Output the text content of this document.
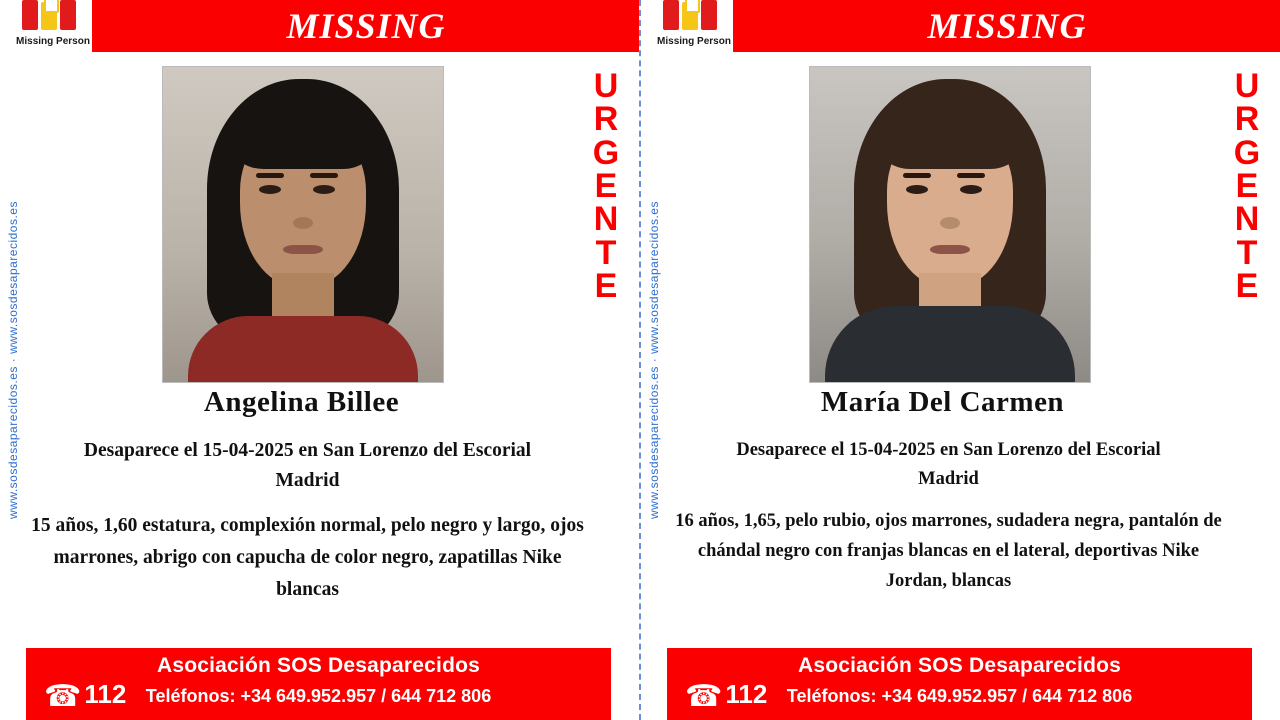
www.sosdesaparecidos.es · www.sosdesaparecidos.es
Missing Person	MISSING
U
R
G
E
N
T
E
Angelina Billee
Desaparece el 15-04-2025 en San Lorenzo del Escorial
Madrid
15 años, 1,60 estatura, complexión normal, pelo negro y largo, ojos marrones, abrigo con capucha de color negro, zapatillas Nike blancas
Asociación SOS Desaparecidos
Teléfonos: +34 649.952.957 / 644 712 806
☎ 112
www.sosdesaparecidos.es · www.sosdesaparecidos.es
Missing Person	MISSING
U
R
G
E
N
T
E
María Del Carmen
Desaparece el 15-04-2025 en San Lorenzo del Escorial
Madrid
16 años, 1,65, pelo rubio, ojos marrones, sudadera negra, pantalón de chándal negro con franjas blancas en el lateral, deportivas Nike Jordan, blancas
Asociación SOS Desaparecidos
Teléfonos: +34 649.952.957 / 644 712 806
☎ 112
